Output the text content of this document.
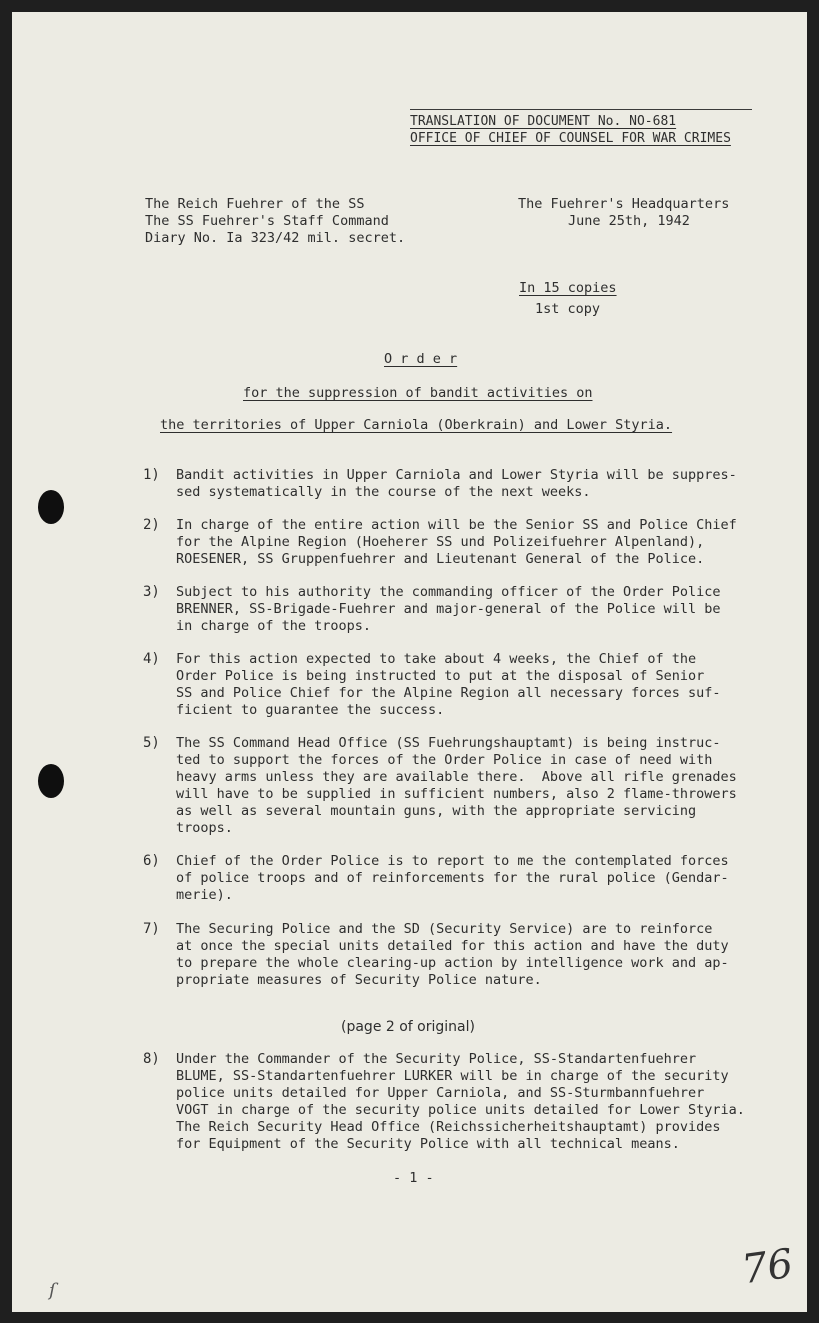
TRANSLATION OF DOCUMENT No. NO-681
OFFICE OF CHIEF OF COUNSEL FOR WAR CRIMES
The Reich Fuehrer of the SS
The SS Fuehrer's Staff Command
Diary No. Ia 323/42 mil. secret.
The Fuehrer's Headquarters
June 25th, 1942
In 15 copies
1st copy
O r d e r
for the suppression of bandit activities on
the territories of Upper Carniola (Oberkrain) and Lower Styria.
1) Bandit activities in Upper Carniola and Lower Styria will be suppres-
sed systematically in the course of the next weeks.
2) In charge of the entire action will be the Senior SS and Police Chief
for the Alpine Region (Hoeherer SS und Polizeifuehrer Alpenland),
ROESENER, SS Gruppenfuehrer and Lieutenant General of the Police.
3) Subject to his authority the commanding officer of the Order Police
BRENNER, SS-Brigade-Fuehrer and major-general of the Police will be
in charge of the troops.
4) For this action expected to take about 4 weeks, the Chief of the
Order Police is being instructed to put at the disposal of Senior
SS and Police Chief for the Alpine Region all necessary forces suf-
ficient to guarantee the success.
5) The SS Command Head Office (SS Fuehrungshauptamt) is being instruc-
ted to support the forces of the Order Police in case of need with
heavy arms unless they are available there.  Above all rifle grenades
will have to be supplied in sufficient numbers, also 2 flame-throwers
as well as several mountain guns, with the appropriate servicing
troops.
6) Chief of the Order Police is to report to me the contemplated forces
of police troops and of reinforcements for the rural police (Gendar-
merie).
7) The Securing Police and the SD (Security Service) are to reinforce
at once the special units detailed for this action and have the duty
to prepare the whole clearing-up action by intelligence work and ap-
propriate measures of Security Police nature.
(page 2 of original)
8) Under the Commander of the Security Police, SS-Standartenfuehrer
BLUME, SS-Standartenfuehrer LURKER will be in charge of the security
police units detailed for Upper Carniola, and SS-Sturmbannfuehrer
VOGT in charge of the security police units detailed for Lower Styria.
The Reich Security Head Office (Reichssicherheitshauptamt) provides
for Equipment of the Security Police with all technical means.
- 1 -
76
ſ
